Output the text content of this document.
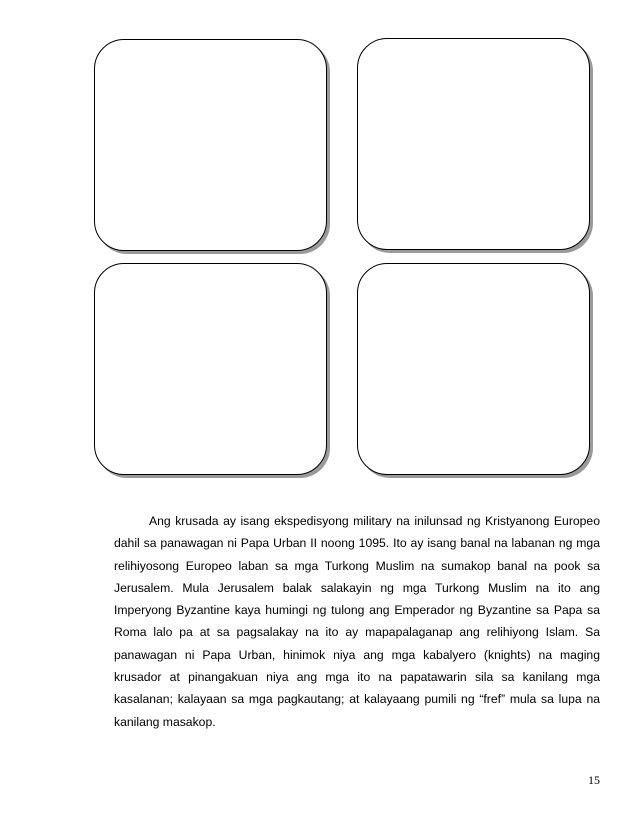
Ang krusada ay isang ekspedisyong military na inilunsad ng Kristyanong Europeo dahil sa panawagan ni Papa Urban II noong 1095. Ito ay isang banal na labanan ng mga relihiyosong Europeo laban sa mga Turkong Muslim na sumakop banal na pook sa Jerusalem. Mula Jerusalem balak salakayin ng mga Turkong Muslim na ito ang Imperyong Byzantine kaya humingi ng tulong ang Emperador ng Byzantine sa Papa sa Roma lalo pa at sa pagsalakay na ito ay mapapalaganap ang relihiyong Islam. Sa panawagan ni Papa Urban, hinimok niya ang mga kabalyero (knights) na maging krusador at pinangakuan niya ang mga ito na papatawarin sila sa kanilang mga kasalanan; kalayaan sa mga pagkautang; at kalayaang pumili ng “fref” mula sa lupa na kanilang masakop.

15
